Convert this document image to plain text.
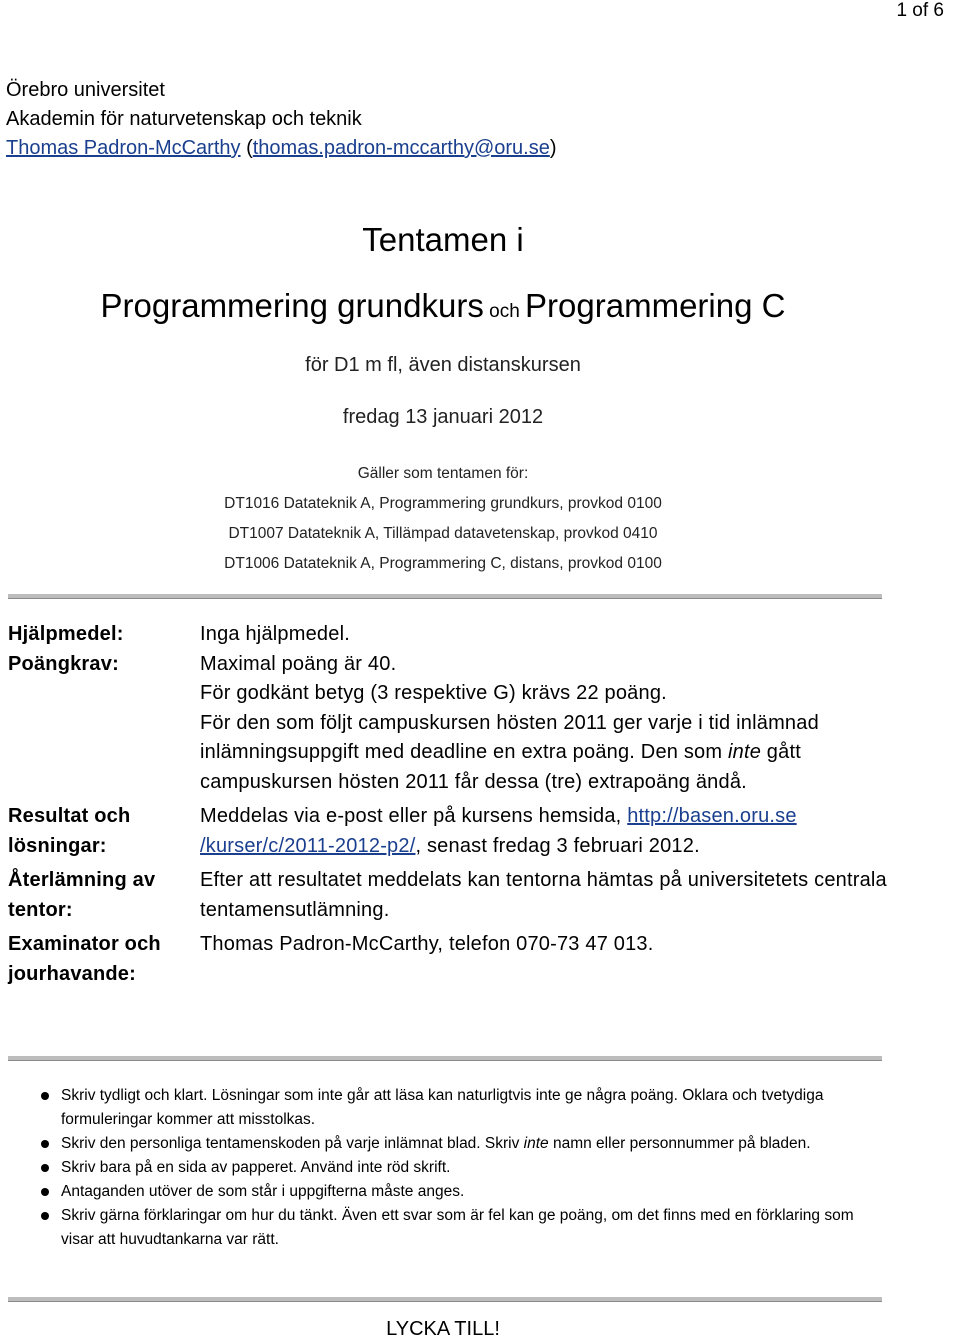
1 of 6
Örebro universitet
Akademin för naturvetenskap och teknik
Thomas Padron-McCarthy (thomas.padron-mccarthy@oru.se)
Tentamen i
Programmering grundkurs och Programmering C
för D1 m fl, även distanskursen
fredag 13 januari 2012
Gäller som tentamen för:
DT1016 Datateknik A, Programmering grundkurs, provkod 0100
DT1007 Datateknik A, Tillämpad datavetenskap, provkod 0410
DT1006 Datateknik A, Programmering C, distans, provkod 0100
Hjälpmedel:	Inga hjälpmedel.
Poängkrav:	Maximal poäng är 40.
För godkänt betyg (3 respektive G) krävs 22 poäng.
För den som följt campuskursen hösten 2011 ger varje i tid inlämnad inlämningsuppgift med deadline en extra poäng. Den som inte gått campuskursen hösten 2011 får dessa (tre) extrapoäng ändå.
Resultat och
lösningar:
Meddelas via e-post eller på kursens hemsida, http://basen.oru.se
/kurser/c/2011-2012-p2/, senast fredag 3 februari 2012.
Återlämning av
tentor:
Efter att resultatet meddelats kan tentorna hämtas på universitetets centrala tentamensutlämning.
Examinator och
jourhavande:
Thomas Padron-McCarthy, telefon 070-73 47 013.
Skriv tydligt och klart. Lösningar som inte går att läsa kan naturligtvis inte ge några poäng. Oklara och tvetydiga formuleringar kommer att misstolkas.
Skriv den personliga tentamenskoden på varje inlämnat blad. Skriv inte namn eller personnummer på bladen.
Skriv bara på en sida av papperet. Använd inte röd skrift.
Antaganden utöver de som står i uppgifterna måste anges.
Skriv gärna förklaringar om hur du tänkt. Även ett svar som är fel kan ge poäng, om det finns med en förklaring som visar att huvudtankarna var rätt.
LYCKA TILL!
